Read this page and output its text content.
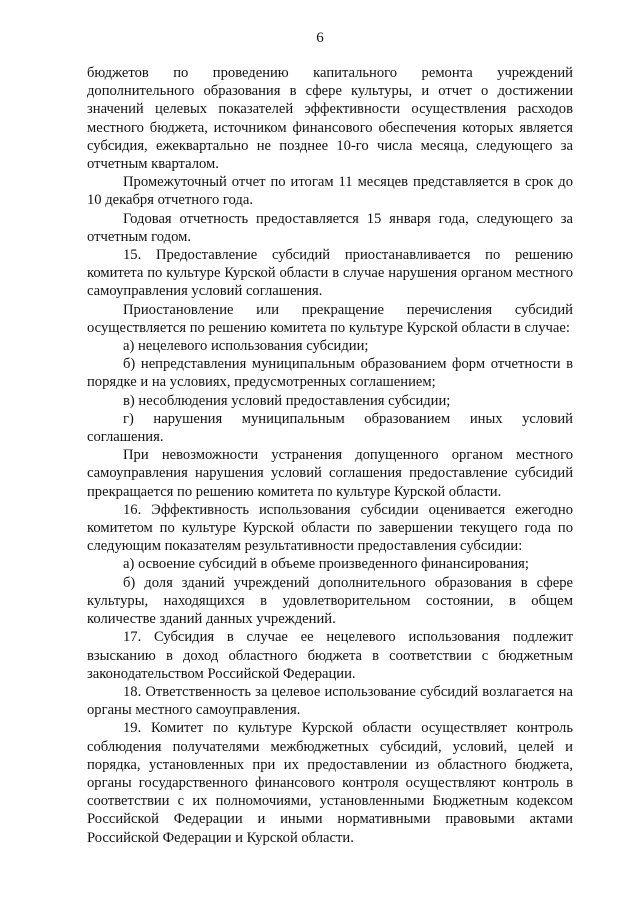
6

бюджетов по проведению капитального ремонта учреждений дополнительного образования в сфере культуры, и отчет о достижении значений целевых показателей эффективности осуществления расходов местного бюджета, источником финансового обеспечения которых является субсидия, ежеквартально не позднее 10-го числа месяца, следующего за отчетным кварталом.

Промежуточный отчет по итогам 11 месяцев представляется в срок до 10 декабря отчетного года.

Годовая отчетность предоставляется 15 января года, следующего за отчетным годом.

15. Предоставление субсидий приостанавливается по решению комитета по культуре Курской области в случае нарушения органом местного самоуправления условий соглашения.

Приостановление или прекращение перечисления субсидий осуществляется по решению комитета по культуре Курской области в случае:

а) нецелевого использования субсидии;

б) непредставления муниципальным образованием форм отчетности в порядке и на условиях, предусмотренных соглашением;

в) несоблюдения условий предоставления субсидии;

г) нарушения муниципальным образованием иных условий соглашения.

При невозможности устранения допущенного органом местного самоуправления нарушения условий соглашения предоставление субсидий прекращается по решению комитета по культуре Курской области.

16. Эффективность использования субсидии оценивается ежегодно комитетом по культуре Курской области по завершении текущего года по следующим показателям результативности предоставления субсидии:

а) освоение субсидий в объеме произведенного финансирования;

б) доля зданий учреждений дополнительного образования в сфере культуры, находящихся в удовлетворительном состоянии, в общем количестве зданий данных учреждений.

17. Субсидия в случае ее нецелевого использования подлежит взысканию в доход областного бюджета в соответствии с бюджетным законодательством Российской Федерации.

18. Ответственность за целевое использование субсидий возлагается на органы местного самоуправления.

19. Комитет по культуре Курской области осуществляет контроль соблюдения получателями межбюджетных субсидий, условий, целей и порядка, установленных при их предоставлении из областного бюджета, органы государственного финансового контроля осуществляют контроль в соответствии с их полномочиями, установленными Бюджетным кодексом Российской Федерации и иными нормативными правовыми актами Российской Федерации и Курской области.
